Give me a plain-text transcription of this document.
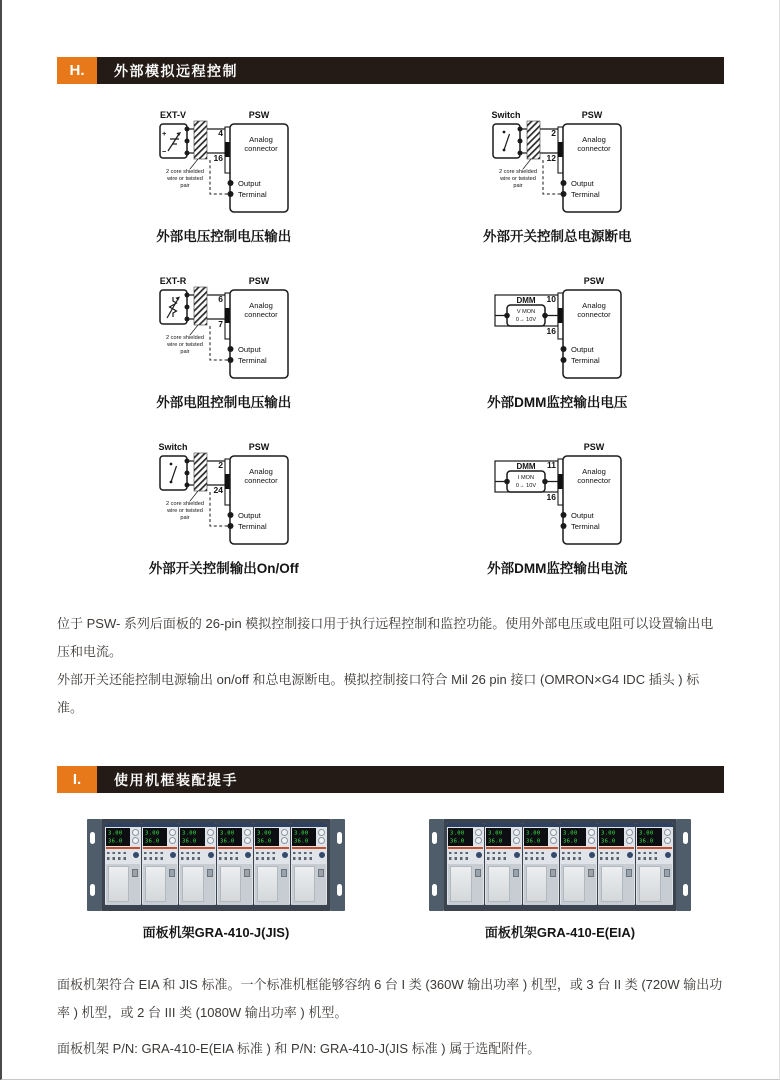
H.	外部模拟远程控制
EXT-V	PSW
+
−
4
16
Analog
connector
Output
Terminal
2 core shielded
wire or twisted
pair
外部电压控制电压输出
Switch	PSW
2
12
Analog
connector
Output
Terminal
2 core shielded
wire or twisted
pair
外部开关控制总电源断电
EXT-R	PSW
6
7
Analog
connector
Output
Terminal
2 core shielded
wire or twisted
pair
外部电阻控制电压输出
PSW
DMM
V MON
0→ 10V
10
16
Analog
connector
Output
Terminal
外部DMM监控输出电压
Switch	PSW
2
24
Analog
connector
Output
Terminal
2 core shielded
wire or twisted
pair
外部开关控制输出On/Off
PSW
DMM
I MON
0→ 10V
11
16
Analog
connector
Output
Terminal
外部DMM监控输出电流

位于 PSW- 系列后面板的 26-pin 模拟控制接口用于执行远程控制和监控功能。使用外部电压或电阻可以设置输出电压和电流。

外部开关还能控制电源输出 on/off 和总电源断电。模拟控制接口符合 Mil 26 pin 接口 (OMRON×G4 IDC 插头 ) 标准。

I.	使用机框装配提手
3.00
36.0
3.00
36.0
3.00
36.0
3.00
36.0
3.00
36.0
3.00
36.0
面板机架GRA-410-J(JIS)
3.00
36.0
3.00
36.0
3.00
36.0
3.00
36.0
3.00
36.0
3.00
36.0
面板机架GRA-410-E(EIA)

面板机架符合 EIA 和 JIS 标准。一个标准机框能够容纳 6 台 I 类 (360W 输出功率 ) 机型，或 3 台 II 类 (720W 输出功率 ) 机型，或 2 台 III 类 (1080W 输出功率 ) 机型。

面板机架 P/N: GRA-410-E(EIA 标准 ) 和 P/N: GRA-410-J(JIS 标准 ) 属于选配附件。
